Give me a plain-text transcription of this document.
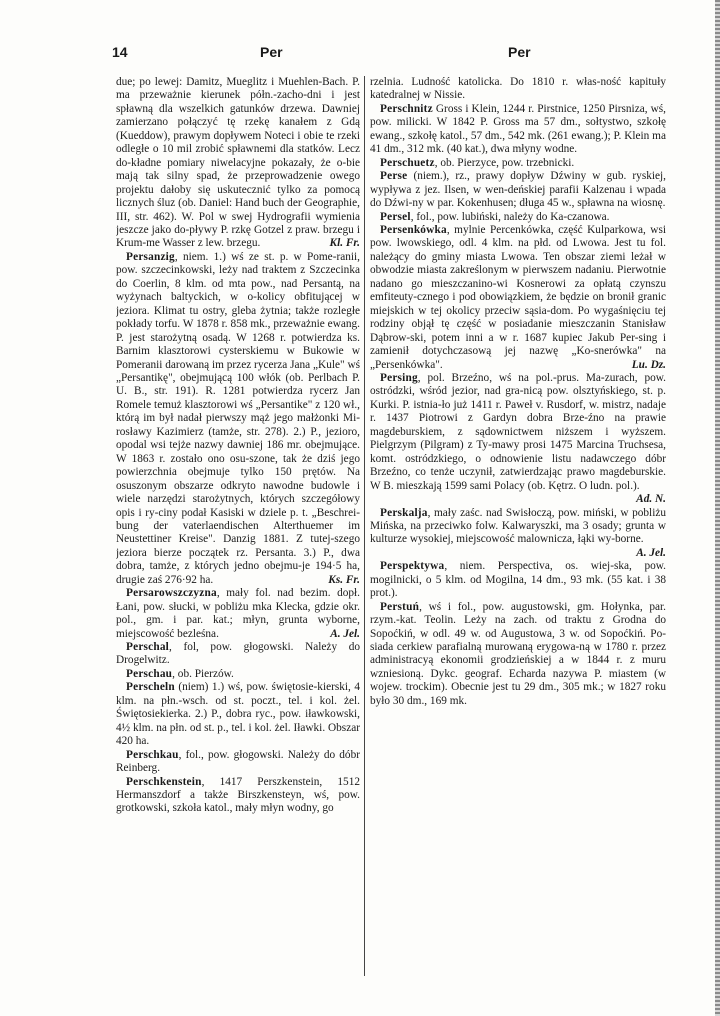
14	Per	Per

due; po lewej: Damitz, Mueglitz i Muehlen-Bach. P. ma przeważnie kierunek półn.-zacho-dni i jest spławną dla wszelkich gatunków drzewa. Dawniej zamierzano połączyć tę rzekę kanałem z Gdą (Kueddow), prawym dopływem Noteci i obie te rzeki odległe o 10 mil zrobić spławnemi dla statków. Lecz do-kładne pomiary niwelacyjne pokazały, że o-bie mają tak silny spad, że przeprowadzenie owego projektu dałoby się uskutecznić tylko za pomocą licznych śluz (ob. Daniel: Hand buch der Geographie, III, str. 462). W. Pol w swej Hydrografii wymienia jeszcze jako do-pływy P. rzkę Gotzel z praw. brzegu i Krum-me Wasser z lew. brzegu.	Kl. Fr.

Persanzig, niem. 1.) wś ze st. p. w Pome-ranii, pow. szczecinkowski, leży nad traktem z Szczecinka do Coerlin, 8 klm. od mta pow., nad Persantą, na wyżynach baltyckich, w o-kolicy obfitującej w jeziora. Klimat tu ostry, gleba żytnia; także rozległe pokłady torfu. W 1878 r. 858 mk., przeważnie ewang. P. jest starożytną osadą. W 1268 r. potwierdza ks. Barnim klasztorowi cysterskiemu w Bukowie w Pomeranii darowaną im przez rycerza Jana „Kule" wś „Persantikę", obejmującą 100 włók (ob. Perlbach P. U. B., str. 191). R. 1281 potwierdza rycerz Jan Romele temuż klasztorowi wś „Persantike" z 120 wł., którą im był nadał pierwszy mąż jego małżonki Mi-rosławy Kazimierz (tamże, str. 278). 2.) P., jezioro, opodal wsi tejże nazwy dawniej 186 mr. obejmujące. W 1863 r. zostało ono osu-szone, tak że dziś jego powierzchnia obejmuje tylko 150 prętów. Na osuszonym obszarze odkryto nawodne budowle i wiele narzędzi starożytnych, których szczegółowy opis i ry-ciny podał Kasiski w dziele p. t. „Beschrei-bung der vaterlaendischen Alterthuemer im Neustettiner Kreise". Danzig 1881. Z tutej-szego jeziora bierze początek rz. Persanta. 3.) P., dwa dobra, tamże, z których jedno obejmu-je 194·5 ha, drugie zaś 276·92 ha.	Ks. Fr.

Persarowszczyzna, mały fol. nad bezim. dopł. Łani, pow. słucki, w pobliżu mka Klecka, gdzie okr. pol., gm. i par. kat.; młyn, grunta wyborne, miejscowość bezleśna.	A. Jel.

Perschal, fol, pow. głogowski. Należy do Drogelwitz.

Perschau, ob. Pierzów.

Perscheln (niem) 1.) wś, pow. świętosie-kierski, 4 klm. na płn.-wsch. od st. poczt., tel. i kol. żel. Świętosiekierka. 2.) P., dobra ryc., pow. iławkowski, 4½ klm. na płn. od st. p., tel. i kol. żel. Iławki. Obszar 420 ha.

Perschkau, fol., pow. głogowski. Należy do dóbr Reinberg.

Perschkenstein, 1417 Perszkenstein, 1512 Hermanszdorf a także Birszkensteyn, wś, pow. grotkowski, szkoła katol., mały młyn wodny, go

rzelnia. Ludność katolicka. Do 1810 r. włas-ność kapituły katedralnej w Nissie.

Perschnitz Gross i Klein, 1244 r. Pirstnice, 1250 Pirsniza, wś, pow. milicki. W 1842 P. Gross ma 57 dm., sołtystwo, szkołę ewang., szkołę katol., 57 dm., 542 mk. (261 ewang.); P. Klein ma 41 dm., 312 mk. (40 kat.), dwa młyny wodne.

Perschuetz, ob. Pierzyce, pow. trzebnicki.

Perse (niem.), rz., prawy dopływ Dźwiny w gub. ryskiej, wypływa z jez. Ilsen, w wen-deńskiej parafii Kalzenau i wpada do Dźwi-ny w par. Kokenhusen; długa 45 w., spławna na wiosnę.

Persel, fol., pow. lubiński, należy do Ka-czanowa.

Persenkówka, mylnie Percenkówka, część Kulparkowa, wsi pow. lwowskiego, odl. 4 klm. na płd. od Lwowa. Jest tu fol. należący do gminy miasta Lwowa. Ten obszar ziemi leżał w obwodzie miasta zakreślonym w pierwszem nadaniu. Pierwotnie nadano go mieszczanino-wi Kosnerowi za opłatą czynszu emfiteuty-cznego i pod obowiązkiem, że będzie on bronił granic miejskich w tej okolicy przeciw sąsia-dom. Po wygaśnięciu tej rodziny objął tę część w posiadanie mieszczanin Stanisław Dąbrow-ski, potem inni a w r. 1687 kupiec Jakub Per-sing i zamienił dotychczasową jej nazwę „Ko-snerówka" na „Persenkówka".	Lu. Dz.

Persing, pol. Brzeźno, wś na pol.-prus. Ma-zurach, pow. ostródzki, wśród jezior, nad gra-nicą pow. olsztyńskiego, st. p. Kurki. P. istnia-ło już 1411 r. Paweł v. Rusdorf, w. mistrz, nadaje r. 1437 Piotrowi z Gardyn dobra Brze-źno na prawie magdeburskiem, z sądownictwem niższem i wyższem. Pielgrzym (Pilgram) z Ty-mawy prosi 1475 Marcina Truchsesa, komt. ostródzkiego, o odnowienie listu nadawczego dóbr Brzeźno, co tenże uczynił, zatwierdzając prawo magdeburskie. W B. mieszkają 1599 sami Polacy (ob. Kętrz. O ludn. pol.).
Ad. N.

Perskalja, mały zaśc. nad Swisłoczą, pow. miński, w pobliżu Mińska, na przeciwko folw. Kalwaryszki, ma 3 osady; grunta w kulturze wysokiej, miejscowość malownicza, łąki wy-borne.
A. Jel.

Perspektywa, niem. Perspectiva, os. wiej-ska, pow. mogilnicki, o 5 klm. od Mogilna, 14 dm., 93 mk. (55 kat. i 38 prot.).

Perstuń, wś i fol., pow. augustowski, gm. Hołynka, par. rzym.-kat. Teolin. Leży na zach. od traktu z Grodna do Sopoćkiń, w odl. 49 w. od Augustowa, 3 w. od Sopoćkiń. Po-siada cerkiew parafialną murowaną erygowa-ną w 1780 r. przez administracyą ekonomii grodzieńskiej a w 1844 r. z muru wzniesioną. Dykc. geograf. Echarda nazywa P. miastem (w wojew. trockim). Obecnie jest tu 29 dm., 305 mk.; w 1827 roku było 30 dm., 169 mk.
